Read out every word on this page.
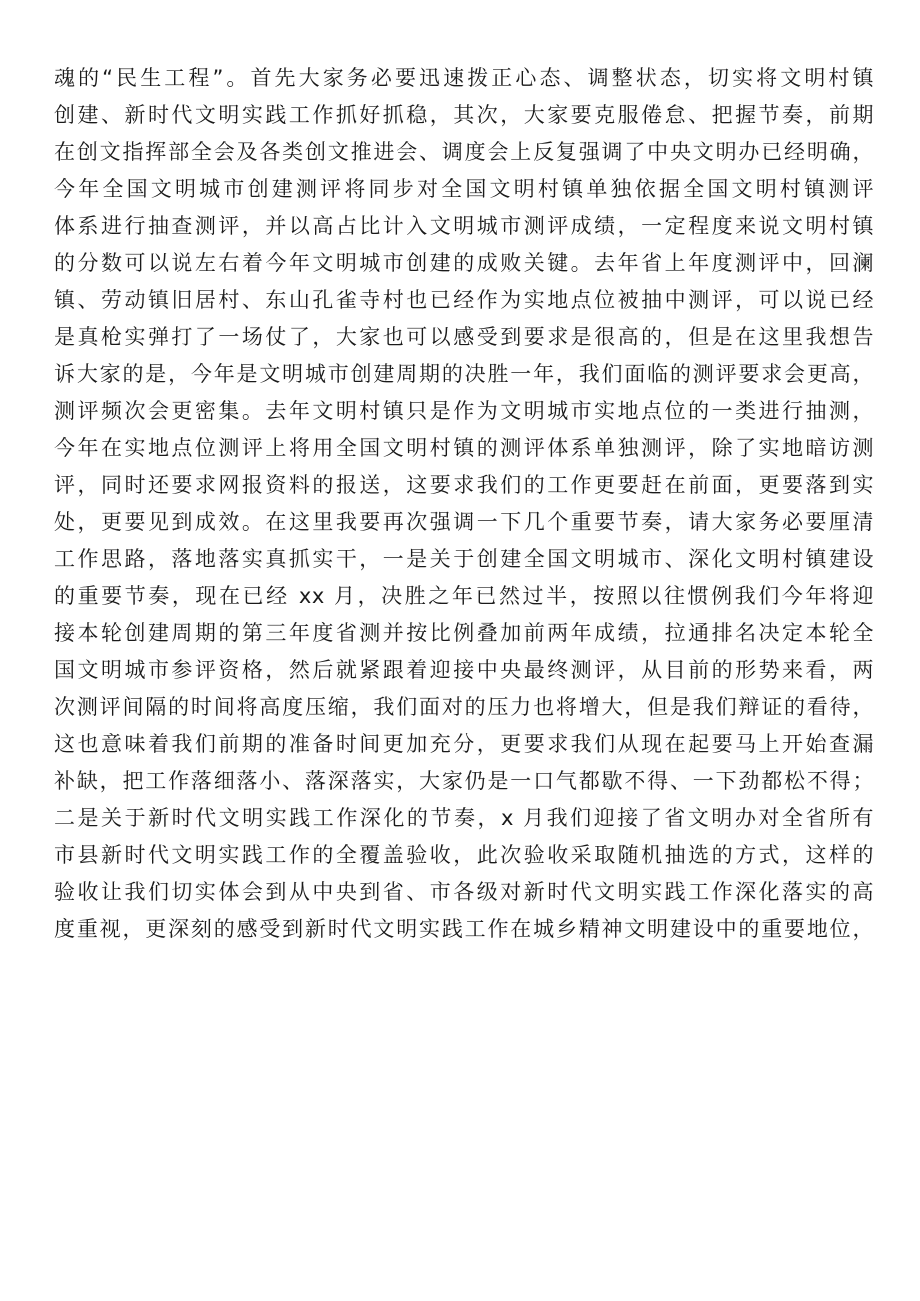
魂的“民生工程”。首先大家务必要迅速拨正心态、调整状态，切实将文明村镇
创建、新时代文明实践工作抓好抓稳，其次，大家要克服倦怠、把握节奏，前期
在创文指挥部全会及各类创文推进会、调度会上反复强调了中央文明办已经明确，
今年全国文明城市创建测评将同步对全国文明村镇单独依据全国文明村镇测评
体系进行抽查测评，并以高占比计入文明城市测评成绩，一定程度来说文明村镇
的分数可以说左右着今年文明城市创建的成败关键。去年省上年度测评中，回澜
镇、劳动镇旧居村、东山孔雀寺村也已经作为实地点位被抽中测评，可以说已经
是真枪实弹打了一场仗了，大家也可以感受到要求是很高的，但是在这里我想告
诉大家的是，今年是文明城市创建周期的决胜一年，我们面临的测评要求会更高，
测评频次会更密集。去年文明村镇只是作为文明城市实地点位的一类进行抽测，
今年在实地点位测评上将用全国文明村镇的测评体系单独测评，除了实地暗访测
评，同时还要求网报资料的报送，这要求我们的工作更要赶在前面，更要落到实
处，更要见到成效。在这里我要再次强调一下几个重要节奏，请大家务必要厘清
工作思路，落地落实真抓实干，一是关于创建全国文明城市、深化文明村镇建设
的重要节奏，现在已经 xx 月，决胜之年已然过半，按照以往惯例我们今年将迎
接本轮创建周期的第三年度省测并按比例叠加前两年成绩，拉通排名决定本轮全
国文明城市参评资格，然后就紧跟着迎接中央最终测评，从目前的形势来看，两
次测评间隔的时间将高度压缩，我们面对的压力也将增大，但是我们辩证的看待，
这也意味着我们前期的准备时间更加充分，更要求我们从现在起要马上开始查漏
补缺，把工作落细落小、落深落实，大家仍是一口气都歇不得、一下劲都松不得；
二是关于新时代文明实践工作深化的节奏，x 月我们迎接了省文明办对全省所有
市县新时代文明实践工作的全覆盖验收，此次验收采取随机抽选的方式，这样的
验收让我们切实体会到从中央到省、市各级对新时代文明实践工作深化落实的高
度重视，更深刻的感受到新时代文明实践工作在城乡精神文明建设中的重要地位，
